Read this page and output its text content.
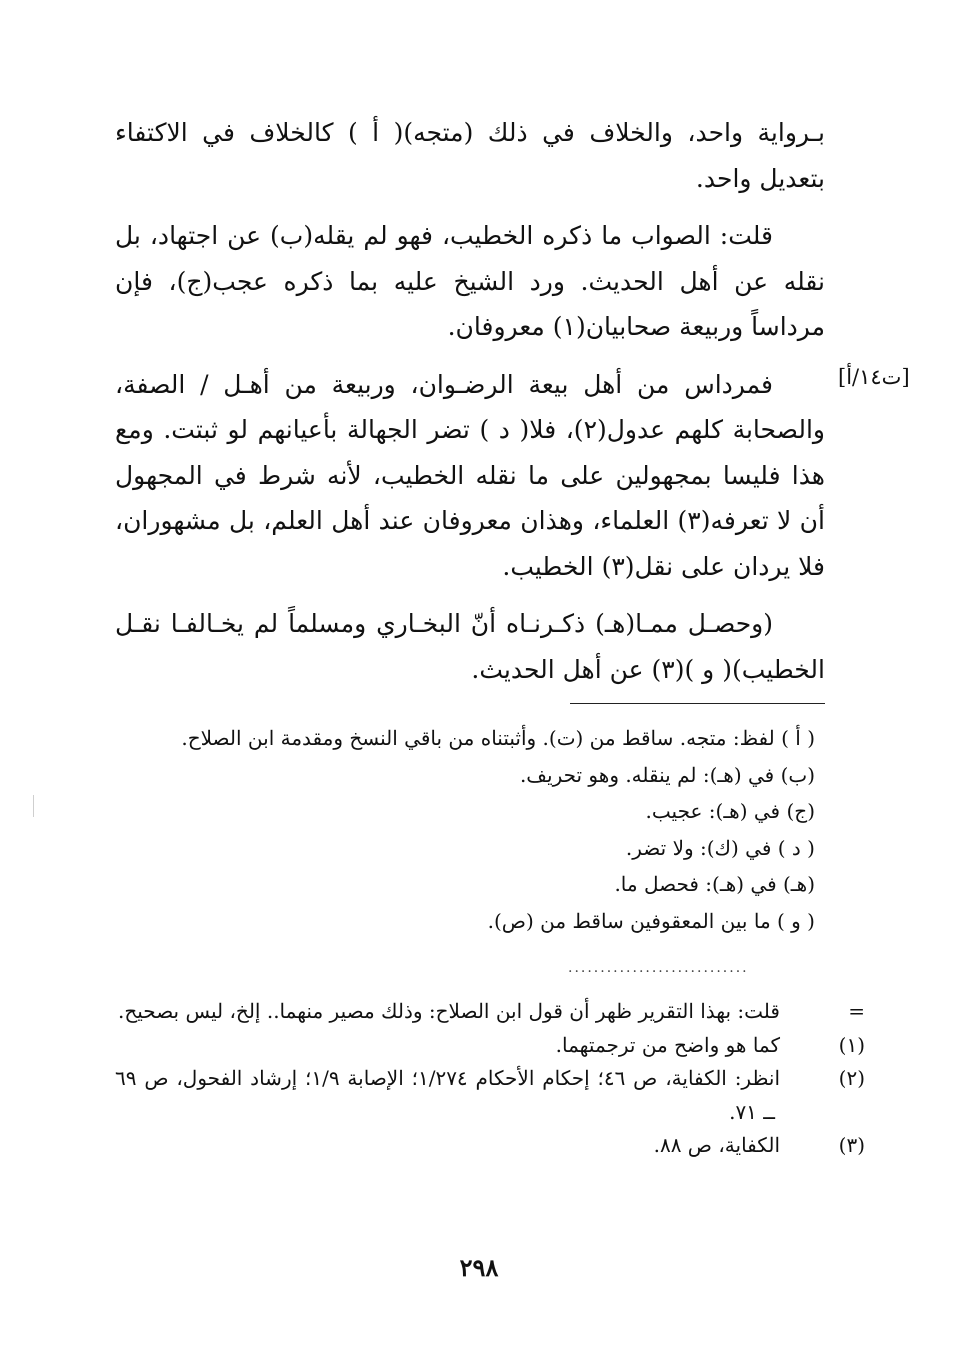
بـرواية واحد، والخلاف في ذلك (متجه)( أ ) كالخلاف في الاكتفاء بتعديل واحد.

قلت: الصواب ما ذكره الخطيب، فهو لم يقله(ب) عن اجتهاد، بل نقله عن أهل الحديث. ورد الشيخ عليه بما ذكره عجب(ج)، فإن مرداساً وربيعة صحابيان(١) معروفان.

فمرداس من أهل بيعة الرضـوان، وربيعة من أهـل / الصفة، والصحابة كلهم عدول(٢)، فلا( د ) تضر الجهالة بأعيانهم لو ثبتت. ومع هذا فليسا بمجهولين على ما نقله الخطيب، لأنه شرط في المجهول أن لا تعرفه(٣) العلماء، وهذان معروفان عند أهل العلم، بل مشهوران، فلا يردان على نقل(٣) الخطيب.

(وحصـل ممـا(هـ) ذكـرنـاه أنّ البخـاري ومسلماً لم يخـالفـا نقـل الخطيب)( و )(٣) عن أهل الحديث.

[ت١٤/أ]

( أ ) لفظ: متجه. ساقط من (ت). وأثبتناه من باقي النسخ ومقدمة ابن الصلاح.

(ب) في (هـ): لم ينقله. وهو تحريف.

(ج) في (هـ): عجيب.

( د ) في (ك): ولا تضر.

(هـ) في (هـ): فحصل ما.

( و ) ما بين المعقوفين ساقط من (ص).

............................

=قلت: بهذا التقرير ظهر أن قول ابن الصلاح: وذلك مصير منهما.. إلخ، ليس بصحيح.

(١)كما هو واضح من ترجمتهما.

(٢)انظر: الكفاية، ص ٤٦؛ إحكام الأحكام ١/٢٧٤؛ الإصابة ١/٩؛ إرشاد الفحول، ص ٦٩ ــ ٧١.

(٣)الكفاية، ص ٨٨.

٢٩٨
